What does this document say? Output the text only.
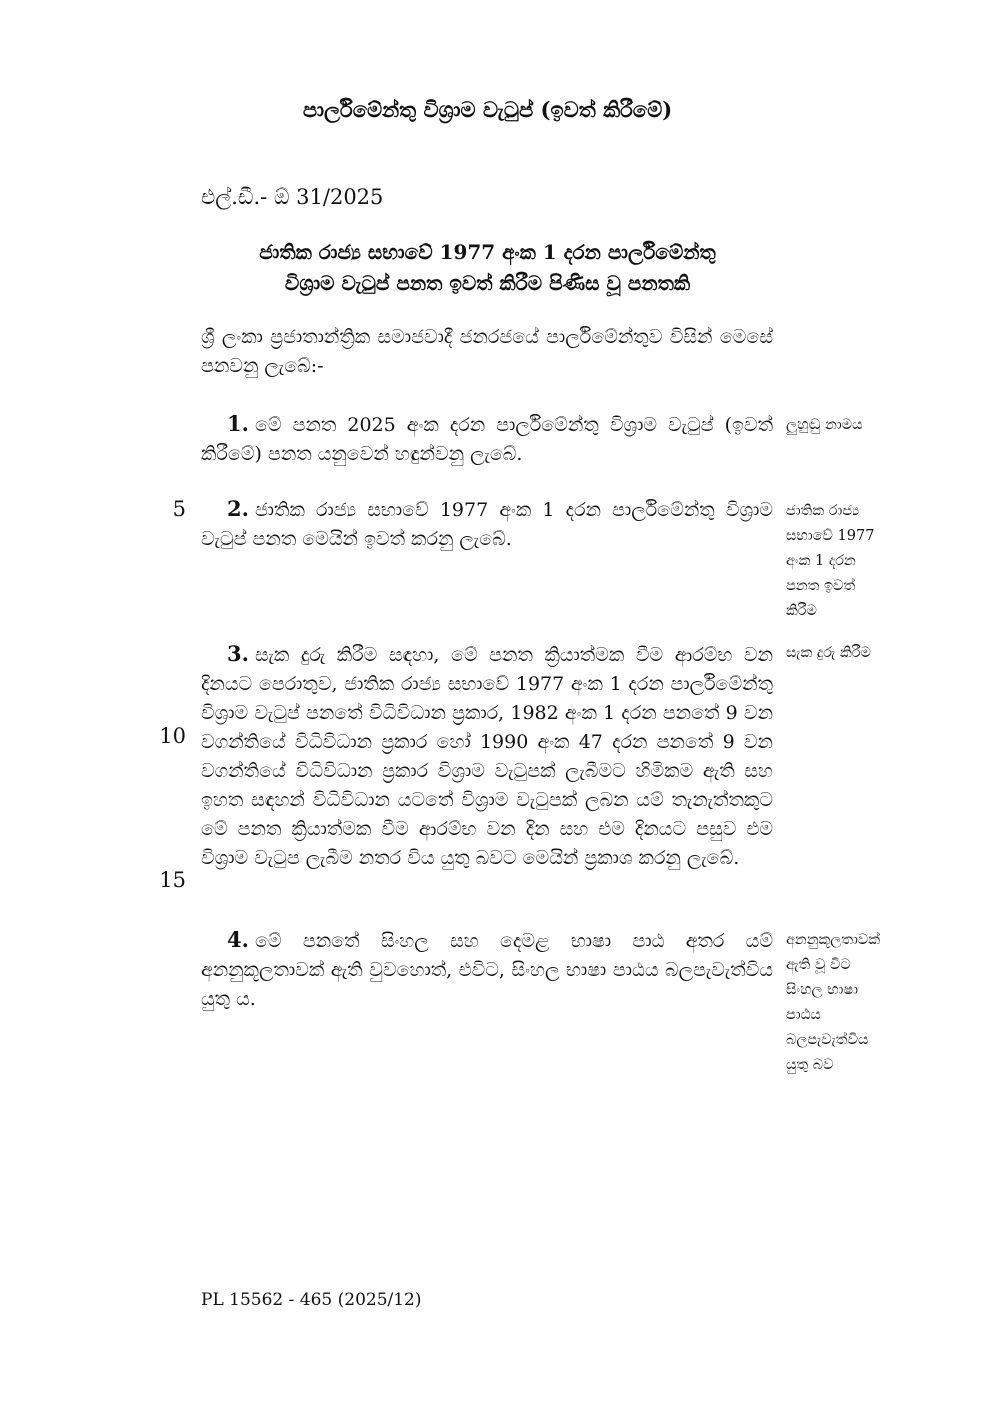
පාර්ලිමේන්තු විශ්‍රාම වැටුප් (ඉවත් කිරීමේ)
එල්.ඩී.- ඕ 31/2025
ජාතික රාජ්‍ය සභාවේ 1977 අංක 1 දරන පාර්ලිමේන්තු
විශ්‍රාම වැටුප් පනත ඉවත් කිරීම පිණිස වූ පනතකි
ශ්‍රී ලංකා ප්‍රජාතාන්ත්‍රික සමාජවාදී ජනරජයේ පාර්ලිමේන්තුව විසින් මෙසේ පනවනු ලැබේ:-
1. මේ පනත 2025 අංක දරන පාර්ලිමේන්තු විශ්‍රාම වැටුප් (ඉවත් කිරීමේ) පනත යනුවෙන් හඳුන්වනු ලැබේ.
2. ජාතික රාජ්‍ය සභාවේ 1977 අංක 1 දරන පාර්ලිමේන්තු විශ්‍රාම වැටුප් පනත මෙයින් ඉවත් කරනු ලැබේ.
3. සැක දුරු කිරීම සඳහා, මේ පනත ක්‍රියාත්මක වීම ආරම්භ වන දිනයට පෙරාතුව, ජාතික රාජ්‍ය සභාවේ 1977 අංක 1 දරන පාර්ලිමේන්තු විශ්‍රාම වැටුප් පනතේ විධිවිධාන ප්‍රකාර, 1982 අංක 1 දරන පනතේ 9 වන වගන්තියේ විධිවිධාන ප්‍රකාර හෝ 1990 අංක 47 දරන පනතේ 9 වන වගන්තියේ විධිවිධාන ප්‍රකාර විශ්‍රාම වැටුපක් ලැබීමට හිමිකම ඇති සහ ඉහත සඳහන් විධිවිධාන යටතේ විශ්‍රාම වැටුපක් ලබන යම් තැනැත්තකුට මේ පනත ක්‍රියාත්මක වීම ආරම්භ වන දින සහ එම දිනයට පසුව එම විශ්‍රාම වැටුප ලැබීම නතර විය යුතු බවට මෙයින් ප්‍රකාශ කරනු ලැබේ.
4. මේ පනතේ සිංහල සහ දෙමළ භාෂා පාඨ අතර යම් අනනුකූලතාවක් ඇති වුවහොත්, එවිට, සිංහල භාෂා පාඨය බලපැවැත්විය යුතු ය.
ලුහුඬු නාමය
ජාතික රාජ්‍ය
සභාවේ 1977
අංක 1 දරන
පනත ඉවත්
කිරීම
සැක දුරු කිරීම
අනනුකූලතාවක්
ඇති වූ විට
සිංහල භාෂා
පාඨය
බලපැවැත්විය
යුතු බව
5
10
15
PL 15562 - 465 (2025/12)
